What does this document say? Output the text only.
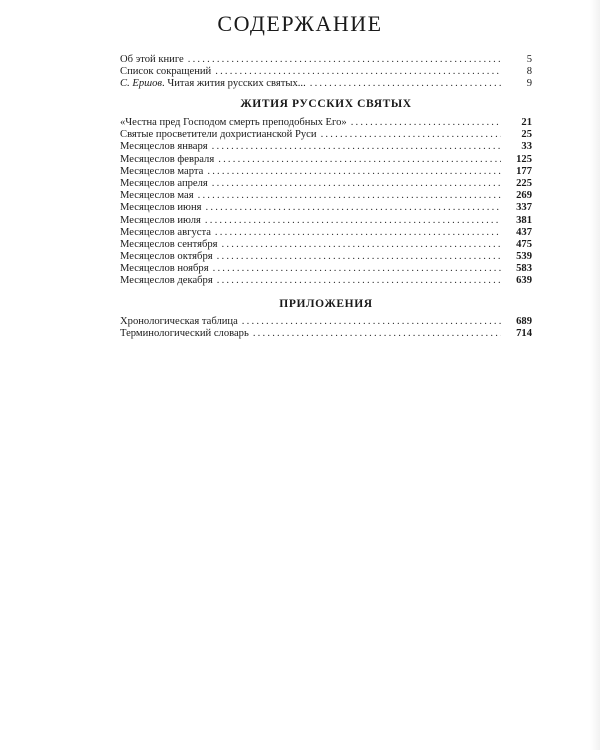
СОДЕРЖАНИЕ
Об этой книге .....	5
Список сокращений .....	8
С. Ершов. Читая жития русских святых... .....	9
ЖИТИЯ РУССКИХ СВЯТЫХ
«Честна пред Господом смерть преподобных Его» .....	21
Святые просветители дохристианской Руси .....	25
Месяцеслов января .....	33
Месяцеслов февраля .....	125
Месяцеслов марта .....	177
Месяцеслов апреля .....	225
Месяцеслов мая .....	269
Месяцеслов июня .....	337
Месяцеслов июля .....	381
Месяцеслов августа .....	437
Месяцеслов сентября .....	475
Месяцеслов октября .....	539
Месяцеслов ноября .....	583
Месяцеслов декабря .....	639
ПРИЛОЖЕНИЯ
Хронологическая таблица .....	689
Терминологический словарь .....	714
